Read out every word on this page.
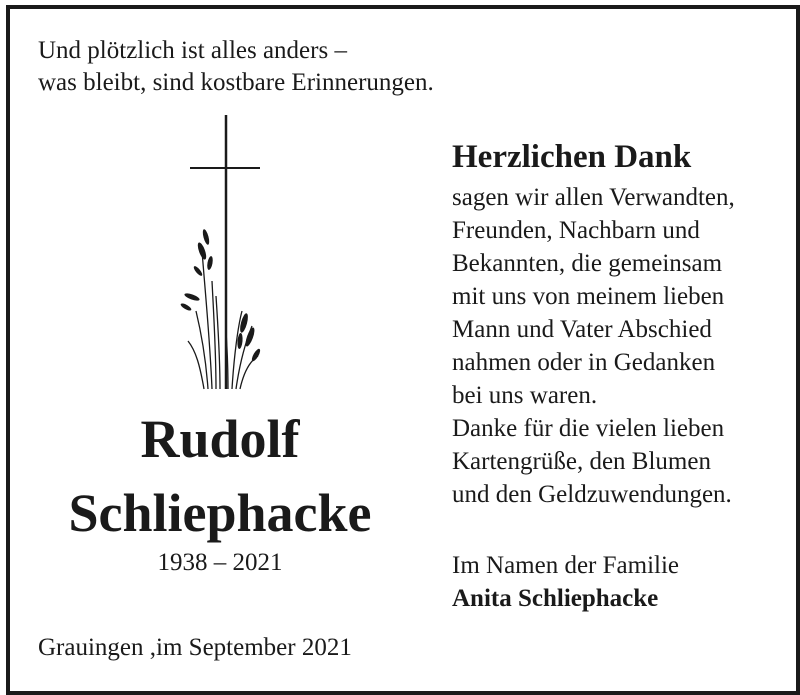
Und plötzlich ist alles anders –
was bleibt, sind kostbare Erinnerungen.
Rudolf
Schliephacke
1938 – 2021
Grauingen ,im September 2021
Herzlichen Dank
sagen wir allen Verwandten,
Freunden, Nachbarn und
Bekannten, die gemeinsam
mit uns von meinem lieben
Mann und Vater Abschied
nahmen oder in Gedanken
bei uns waren.
Danke für die vielen lieben
Kartengrüße, den Blumen
und den Geldzuwendungen.
Im Namen der Familie
Anita Schliephacke
